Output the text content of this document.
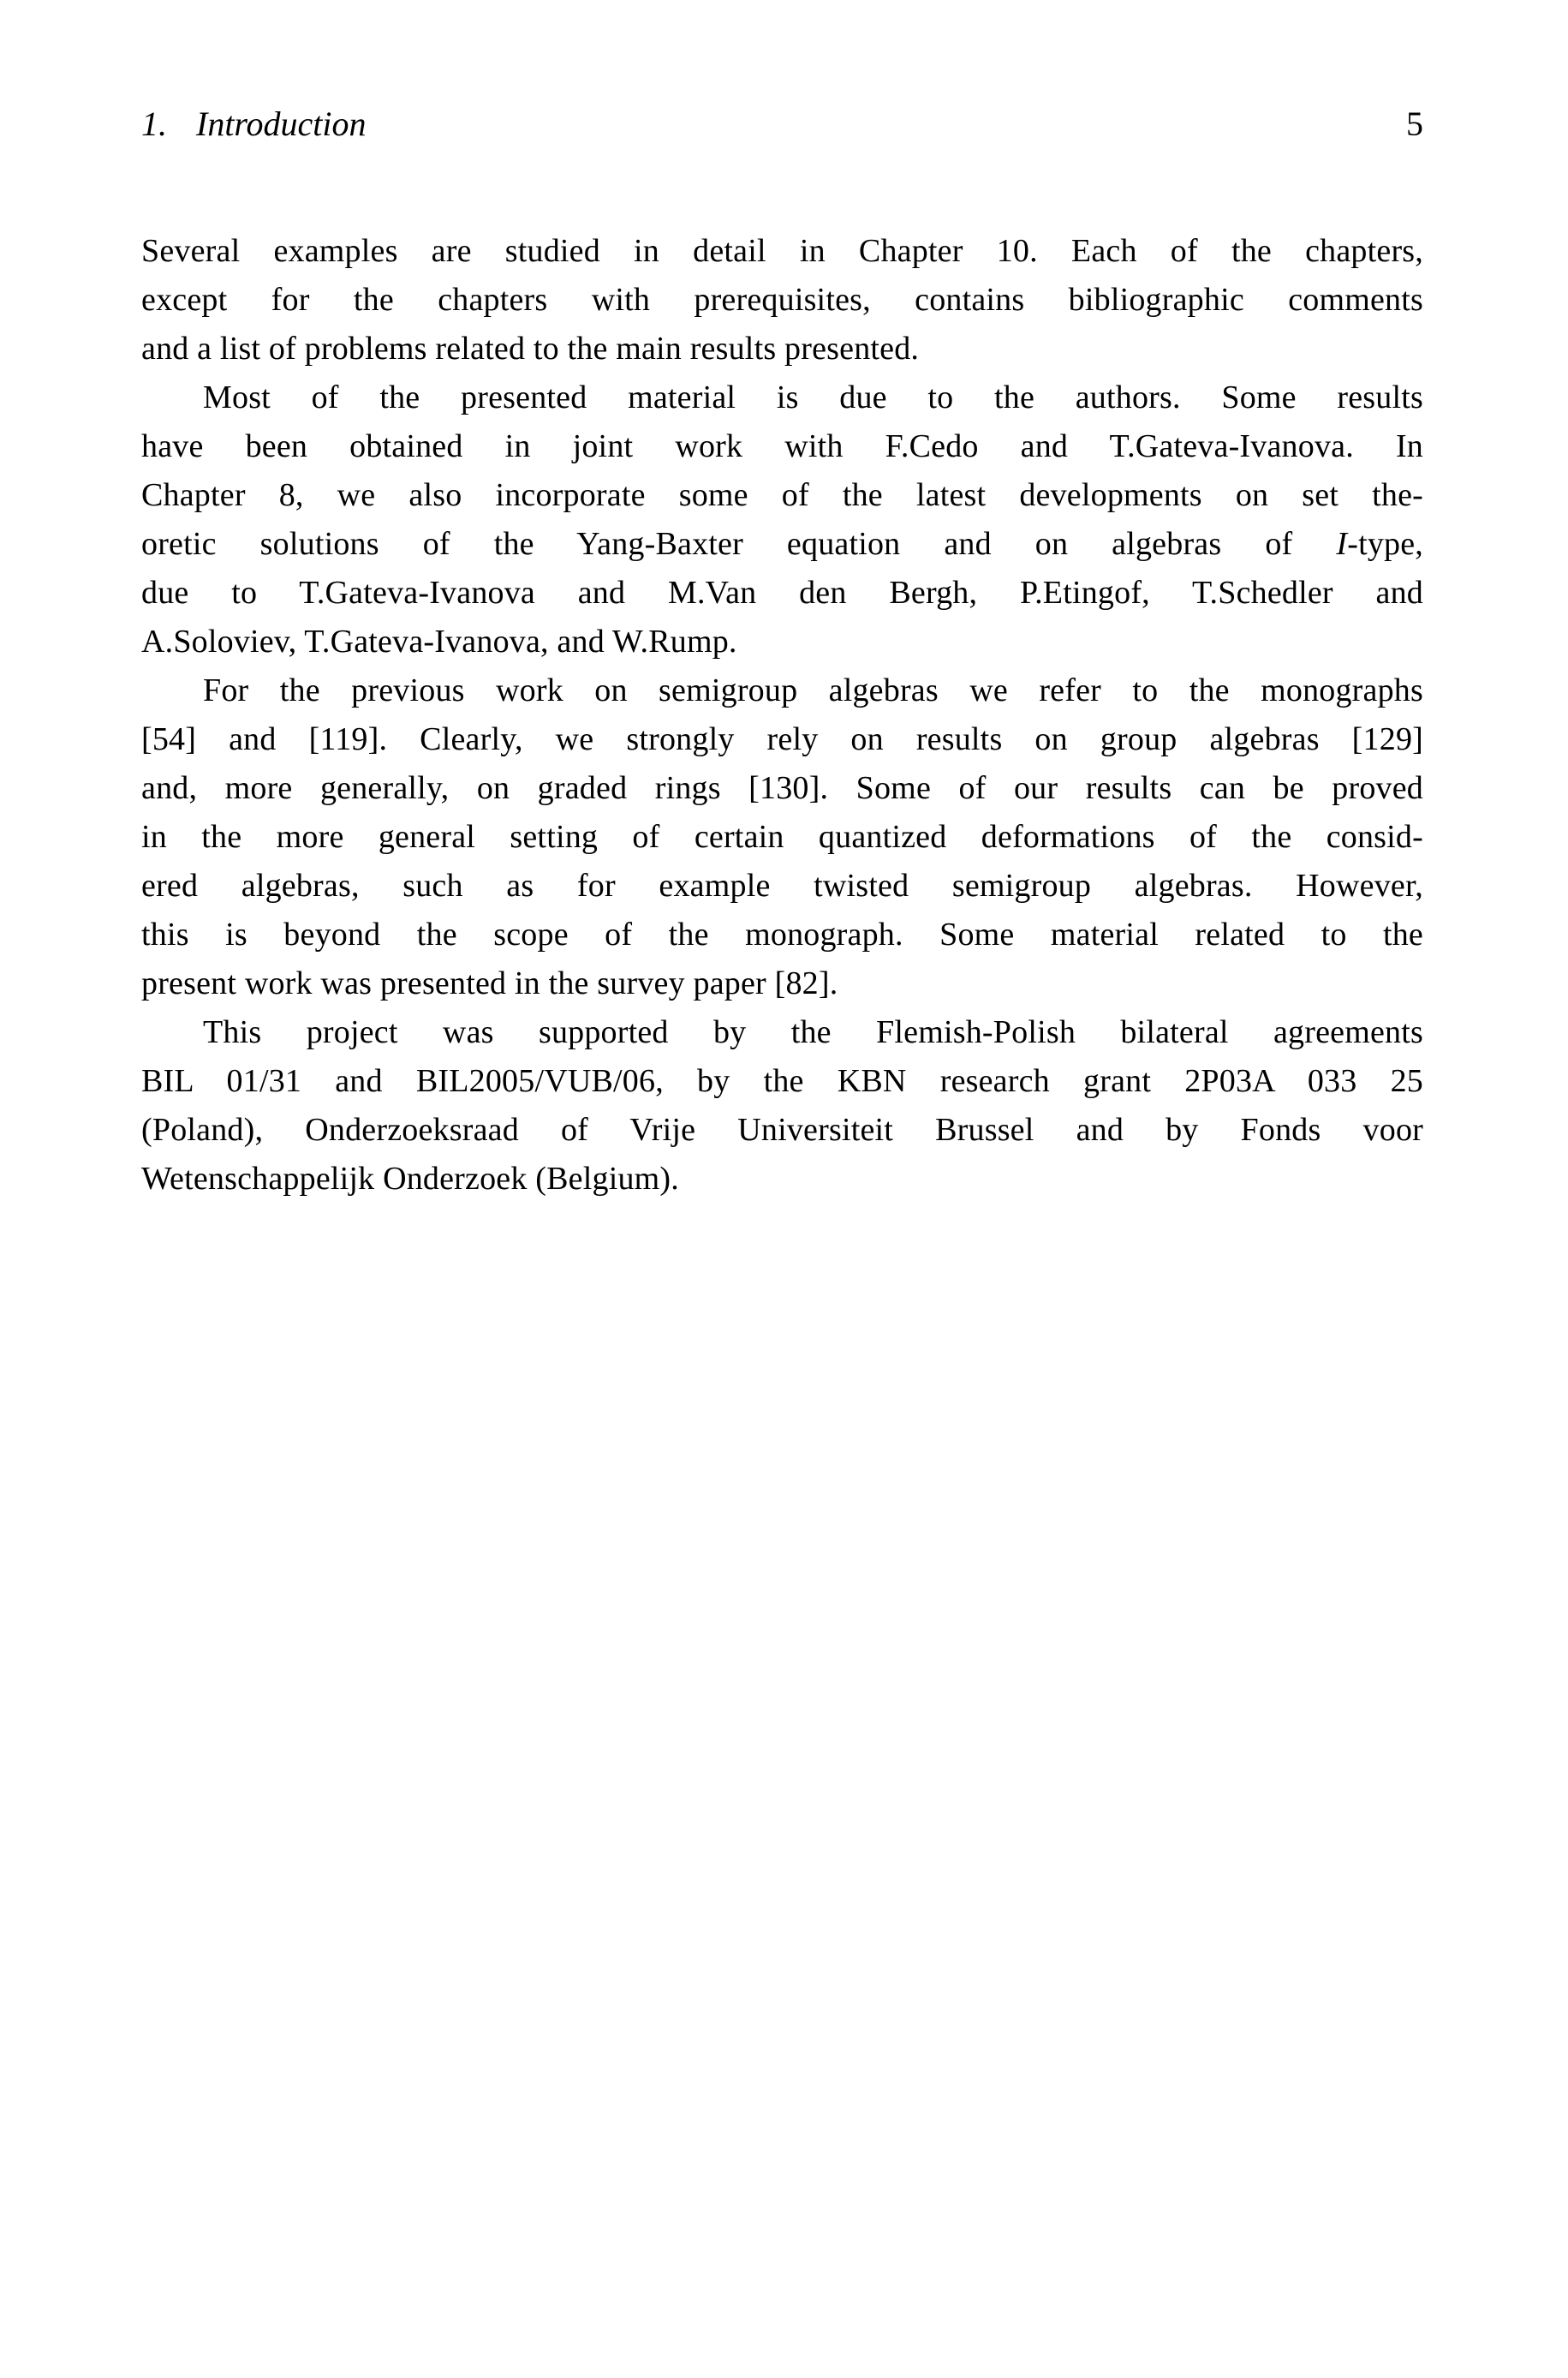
1. Introduction	5
Several examples are studied in detail in Chapter 10. Each of the chapters,
except for the chapters with prerequisites, contains bibliographic comments
and a list of problems related to the main results presented.
Most of the presented material is due to the authors. Some results
have been obtained in joint work with F.Cedo and T.Gateva-Ivanova. In
Chapter 8, we also incorporate some of the latest developments on set the-
oretic solutions of the Yang-Baxter equation and on algebras of I-type,
due to T.Gateva-Ivanova and M.Van den Bergh, P.Etingof, T.Schedler and
A.Soloviev, T.Gateva-Ivanova, and W.Rump.
For the previous work on semigroup algebras we refer to the monographs
[54] and [119]. Clearly, we strongly rely on results on group algebras [129]
and, more generally, on graded rings [130]. Some of our results can be proved
in the more general setting of certain quantized deformations of the consid-
ered algebras, such as for example twisted semigroup algebras. However,
this is beyond the scope of the monograph. Some material related to the
present work was presented in the survey paper [82].
This project was supported by the Flemish-Polish bilateral agreements
BIL 01/31 and BIL2005/VUB/06, by the KBN research grant 2P03A 033 25
(Poland), Onderzoeksraad of Vrije Universiteit Brussel and by Fonds voor
Wetenschappelijk Onderzoek (Belgium).
